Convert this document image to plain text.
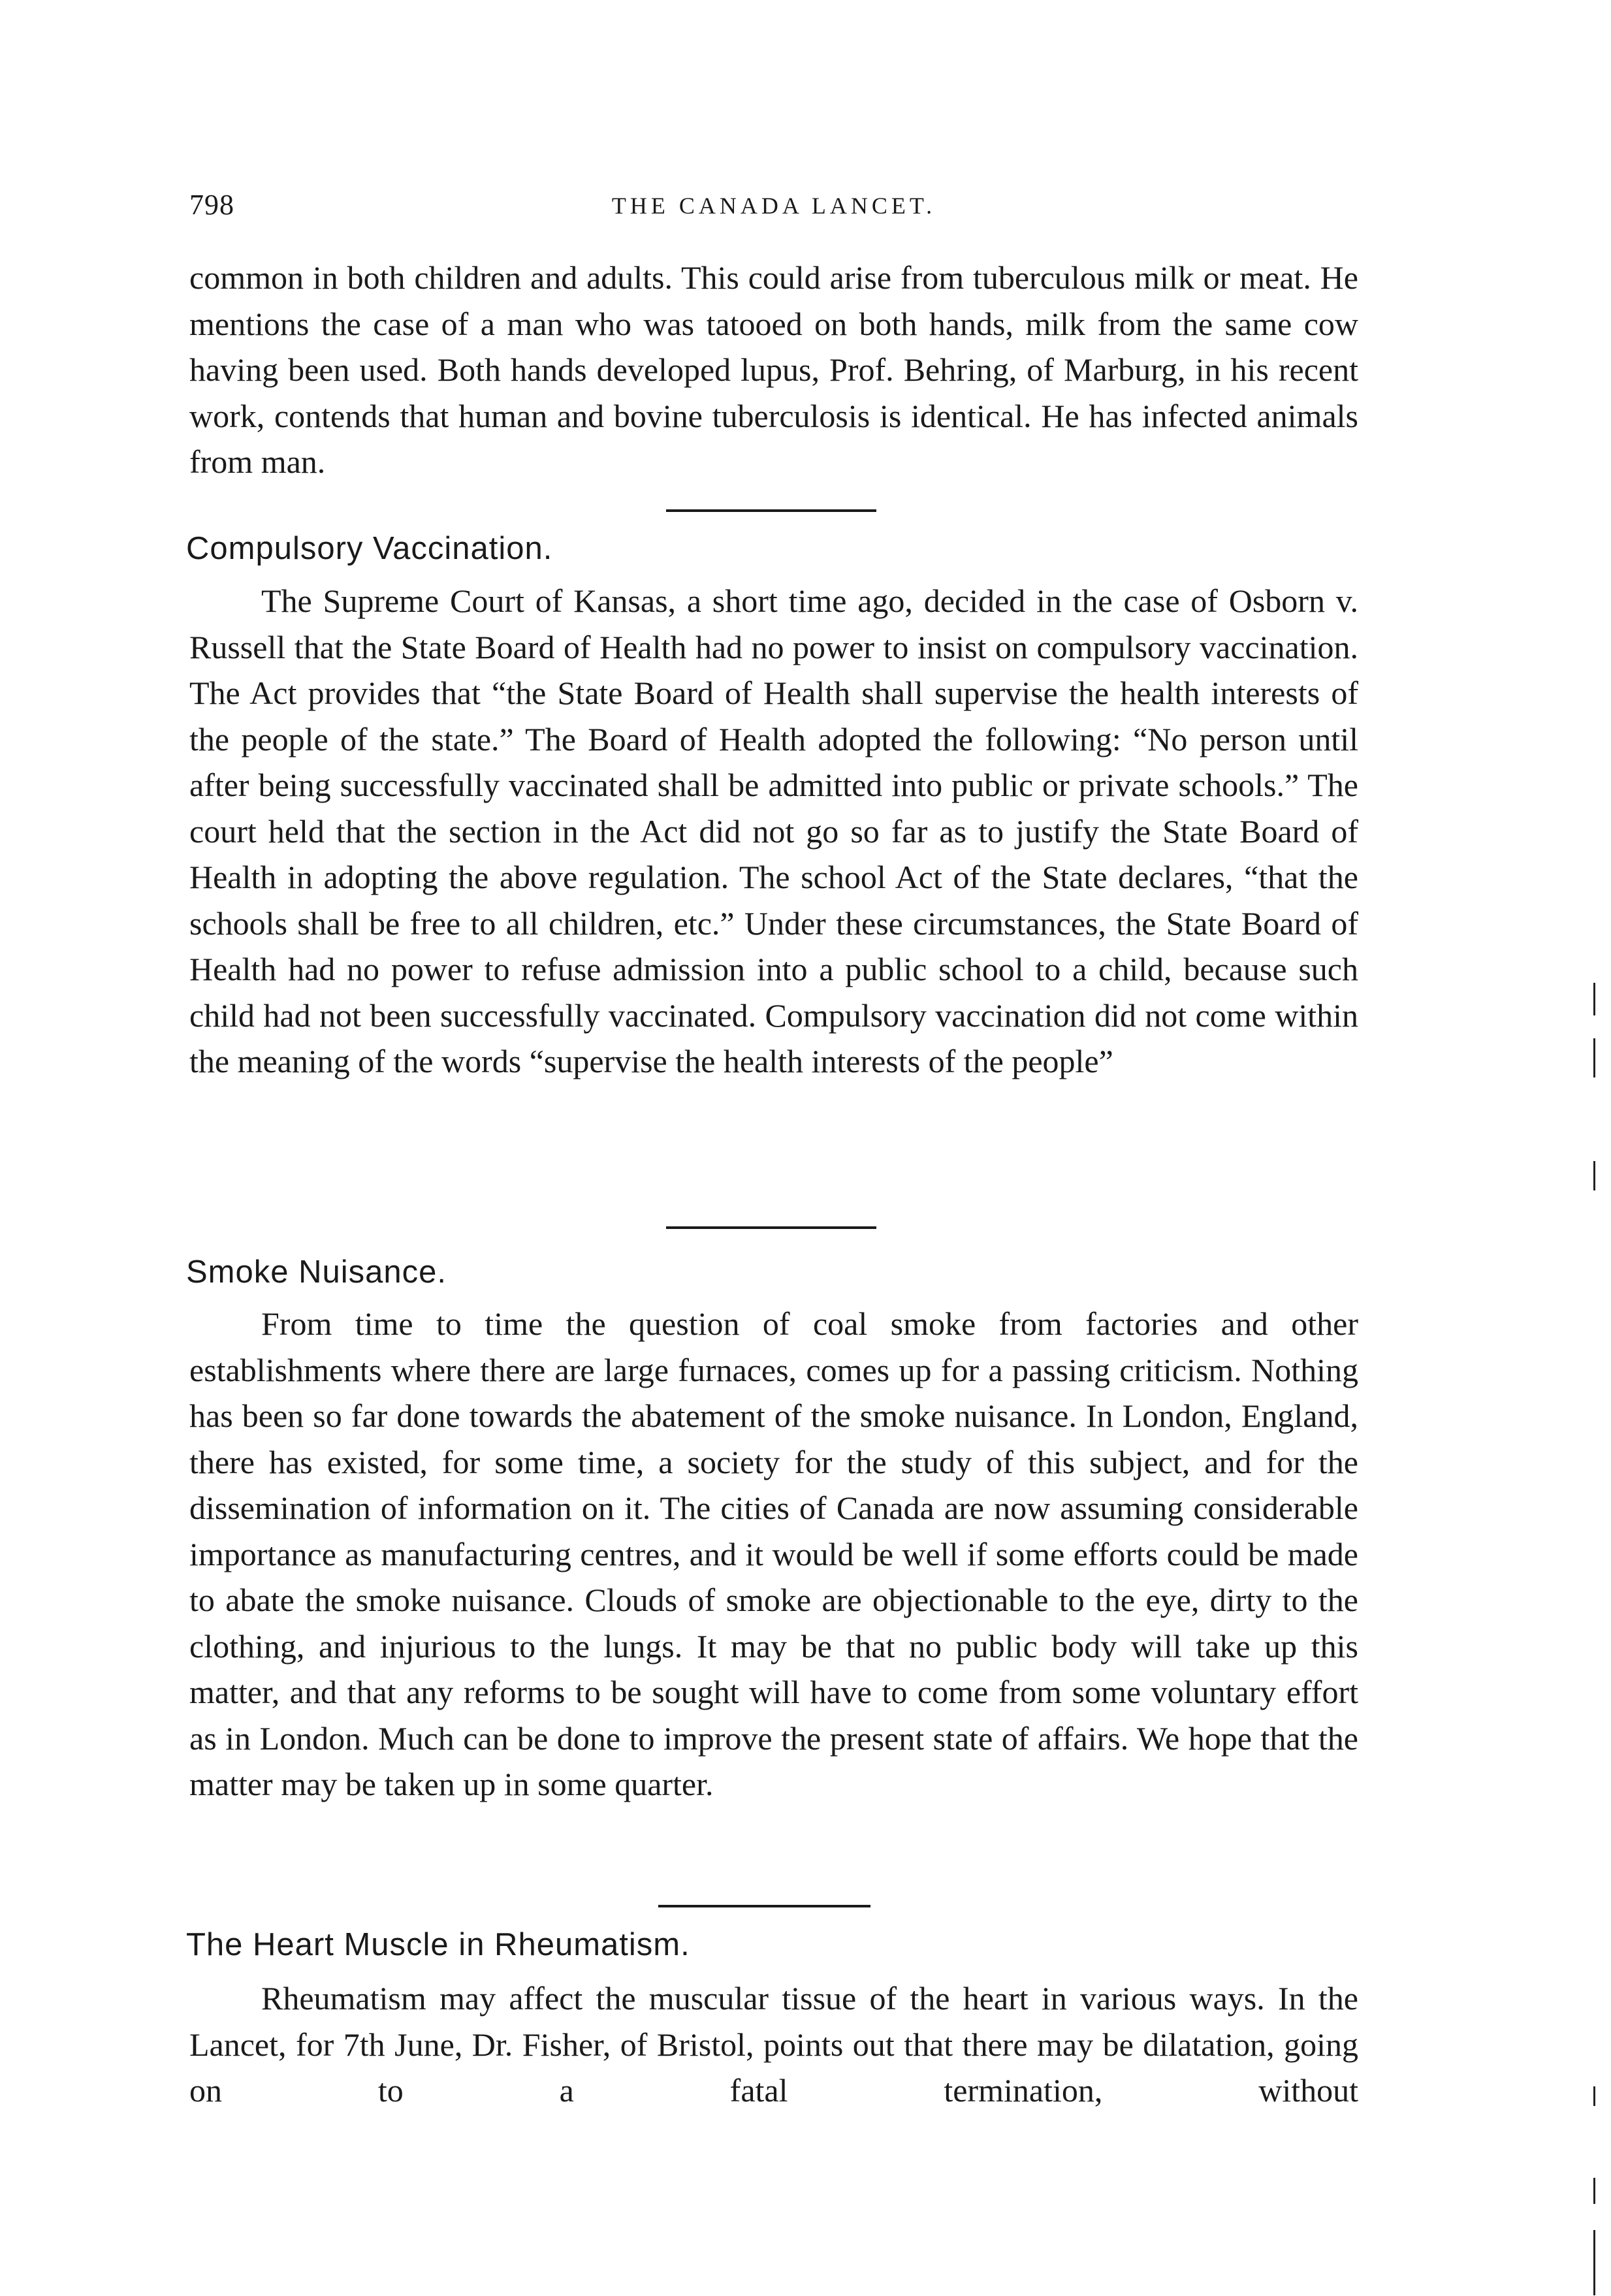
798	THE CANADA LANCET.

common in both children and adults. This could arise from tuberculous milk or meat. He mentions the case of a man who was tatooed on both hands, milk from the same cow having been used. Both hands developed lupus, Prof. Behring, of Marburg, in his recent work, contends that human and bovine tuberculosis is identical. He has infected animals from man.

Compulsory Vaccination.

The Supreme Court of Kansas, a short time ago, decided in the case of Osborn v. Russell that the State Board of Health had no power to insist on compulsory vaccination. The Act provides that “the State Board of Health shall supervise the health interests of the people of the state.” The Board of Health adopted the following: “No person until after being successfully vaccinated shall be admitted into public or private schools.” The court held that the section in the Act did not go so far as to justify the State Board of Health in adopting the above regulation. The school Act of the State declares, “that the schools shall be free to all children, etc.” Under these circumstances, the State Board of Health had no power to refuse admission into a public school to a child, because such child had not been successfully vaccinated. Compulsory vaccination did not come within the meaning of the words “supervise the health interests of the people”

Smoke Nuisance.

From time to time the question of coal smoke from factories and other establishments where there are large furnaces, comes up for a passing criticism. Nothing has been so far done towards the abatement of the smoke nuisance. In London, England, there has existed, for some time, a society for the study of this subject, and for the dissemination of information on it. The cities of Canada are now assuming considerable importance as manufacturing centres, and it would be well if some efforts could be made to abate the smoke nuisance. Clouds of smoke are objectionable to the eye, dirty to the clothing, and injurious to the lungs. It may be that no public body will take up this matter, and that any reforms to be sought will have to come from some voluntary effort as in London. Much can be done to improve the present state of affairs. We hope that the matter may be taken up in some quarter.

The Heart Muscle in Rheumatism.

Rheumatism may affect the muscular tissue of the heart in various ways. In the Lancet, for 7th June, Dr. Fisher, of Bristol, points out that there may be dilatation, going on to a fatal termination, without
